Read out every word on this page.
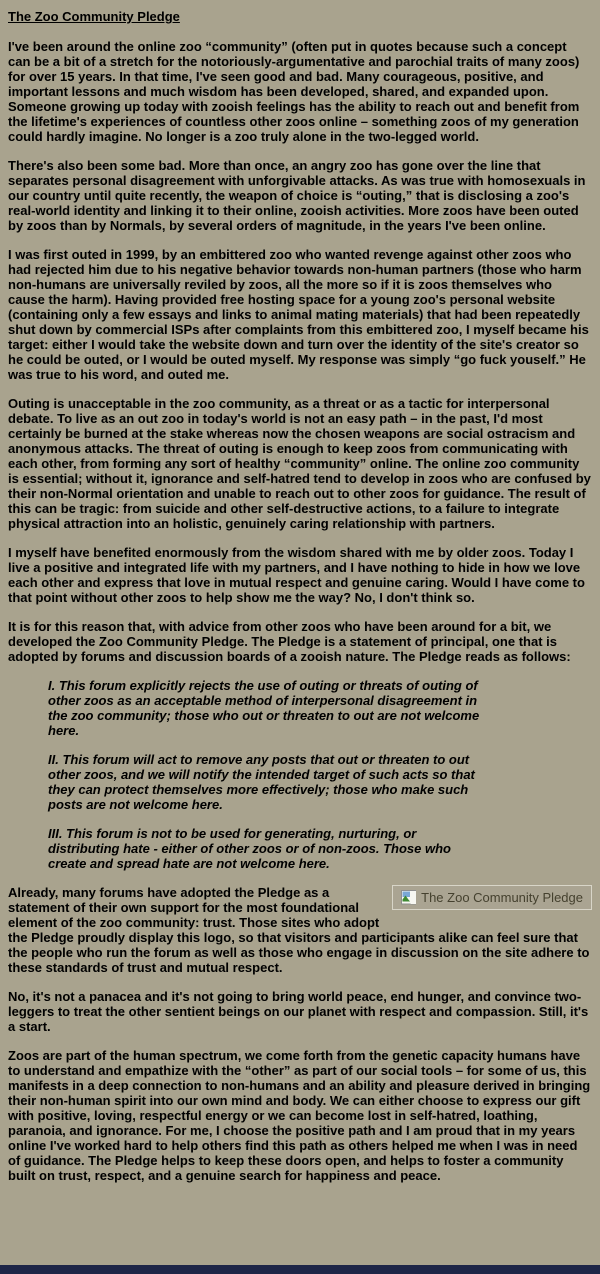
The Zoo Community Pledge

I've been around the online zoo “community” (often put in quotes because such a concept can be a bit of a stretch for the notoriously-argumentative and parochial traits of many zoos) for over 15 years. In that time, I've seen good and bad. Many courageous, positive, and important lessons and much wisdom has been developed, shared, and expanded upon. Someone growing up today with zooish feelings has the ability to reach out and benefit from the lifetime's experiences of countless other zoos online – something zoos of my generation could hardly imagine. No longer is a zoo truly alone in the two-legged world.

There's also been some bad. More than once, an angry zoo has gone over the line that separates personal disagreement with unforgivable attacks. As was true with homosexuals in our country until quite recently, the weapon of choice is “outing,” that is disclosing a zoo's real-world identity and linking it to their online, zooish activities. More zoos have been outed by zoos than by Normals, by several orders of magnitude, in the years I've been online.

I was first outed in 1999, by an embittered zoo who wanted revenge against other zoos who had rejected him due to his negative behavior towards non-human partners (those who harm non-humans are universally reviled by zoos, all the more so if it is zoos themselves who cause the harm). Having provided free hosting space for a young zoo's personal website (containing only a few essays and links to animal mating materials) that had been repeatedly shut down by commercial ISPs after complaints from this embittered zoo, I myself became his target: either I would take the website down and turn over the identity of the site's creator so he could be outed, or I would be outed myself. My response was simply “go fuck youself.” He was true to his word, and outed me.

Outing is unacceptable in the zoo community, as a threat or as a tactic for interpersonal debate. To live as an out zoo in today's world is not an easy path – in the past, I'd most certainly be burned at the stake whereas now the chosen weapons are social ostracism and anonymous attacks. The threat of outing is enough to keep zoos from communicating with each other, from forming any sort of healthy “community” online. The online zoo community is essential; without it, ignorance and self-hatred tend to develop in zoos who are confused by their non-Normal orientation and unable to reach out to other zoos for guidance. The result of this can be tragic: from suicide and other self-destructive actions, to a failure to integrate physical attraction into an holistic, genuinely caring relationship with partners.

I myself have benefited enormously from the wisdom shared with me by older zoos. Today I live a positive and integrated life with my partners, and I have nothing to hide in how we love each other and express that love in mutual respect and genuine caring. Would I have come to that point without other zoos to help show me the way? No, I don't think so.

It is for this reason that, with advice from other zoos who have been around for a bit, we developed the Zoo Community Pledge. The Pledge is a statement of principal, one that is adopted by forums and discussion boards of a zooish nature. The Pledge reads as follows:

I. This forum explicitly rejects the use of outing or threats of outing of other zoos as an acceptable method of interpersonal disagreement in the zoo community; those who out or threaten to out are not welcome here.

II. This forum will act to remove any posts that out or threaten to out other zoos, and we will notify the intended target of such acts so that they can protect themselves more effectively; those who make such posts are not welcome here.

III. This forum is not to be used for generating, nurturing, or distributing hate - either of other zoos or of non-zoos. Those who create and spread hate are not welcome here.

The Zoo Community Pledge
Already, many forums have adopted the Pledge as a statement of their own support for the most foundational element of the zoo community: trust. Those sites who adopt the Pledge proudly display this logo, so that visitors and participants alike can feel sure that the people who run the forum as well as those who engage in discussion on the site adhere to these standards of trust and mutual respect.

No, it's not a panacea and it's not going to bring world peace, end hunger, and convince two-leggers to treat the other sentient beings on our planet with respect and compassion. Still, it's a start.

Zoos are part of the human spectrum, we come forth from the genetic capacity humans have to understand and empathize with the “other” as part of our social tools – for some of us, this manifests in a deep connection to non-humans and an ability and pleasure derived in bringing their non-human spirit into our own mind and body. We can either choose to express our gift with positive, loving, respectful energy or we can become lost in self-hatred, loathing, paranoia, and ignorance. For me, I choose the positive path and I am proud that in my years online I've worked hard to help others find this path as others helped me when I was in need of guidance. The Pledge helps to keep these doors open, and helps to foster a community built on trust, respect, and a genuine search for happiness and peace.
